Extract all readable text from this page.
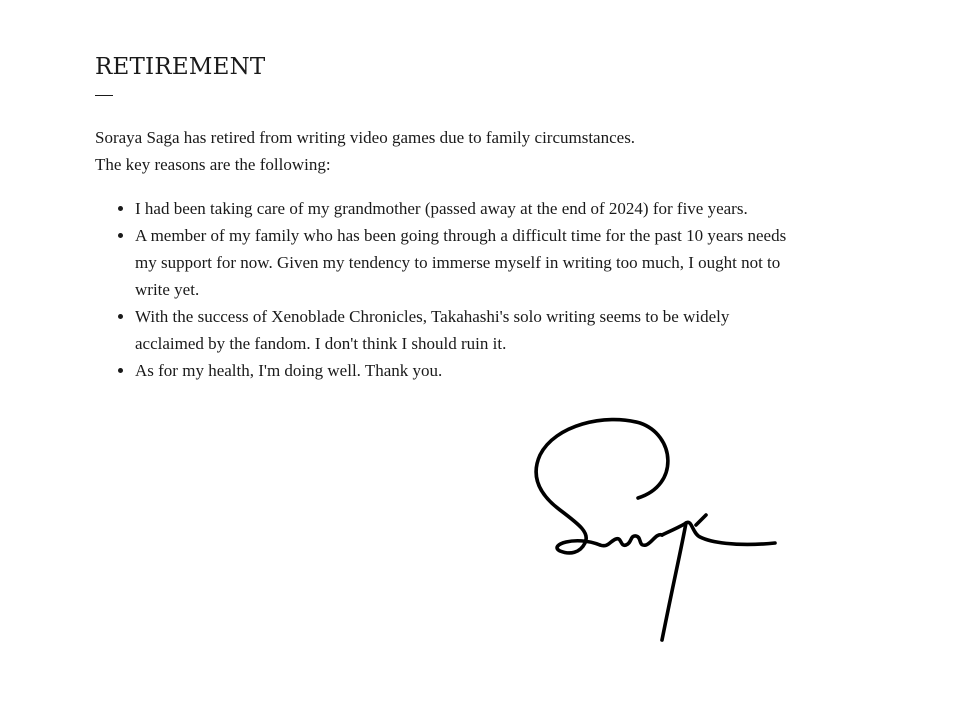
RETIREMENT

Soraya Saga has retired from writing video games due to family circumstances.

The key reasons are the following:

• I had been taking care of my grandmother (passed away at the end of 2024) for five years.
• A member of my family who has been going through a difficult time for the past 10 years needs my support for now. Given my tendency to immerse myself in writing too much, I ought not to write yet.
• With the success of Xenoblade Chronicles, Takahashi's solo writing seems to be widely acclaimed by the fandom. I don't think I should ruin it.
• As for my health, I'm doing well. Thank you.
